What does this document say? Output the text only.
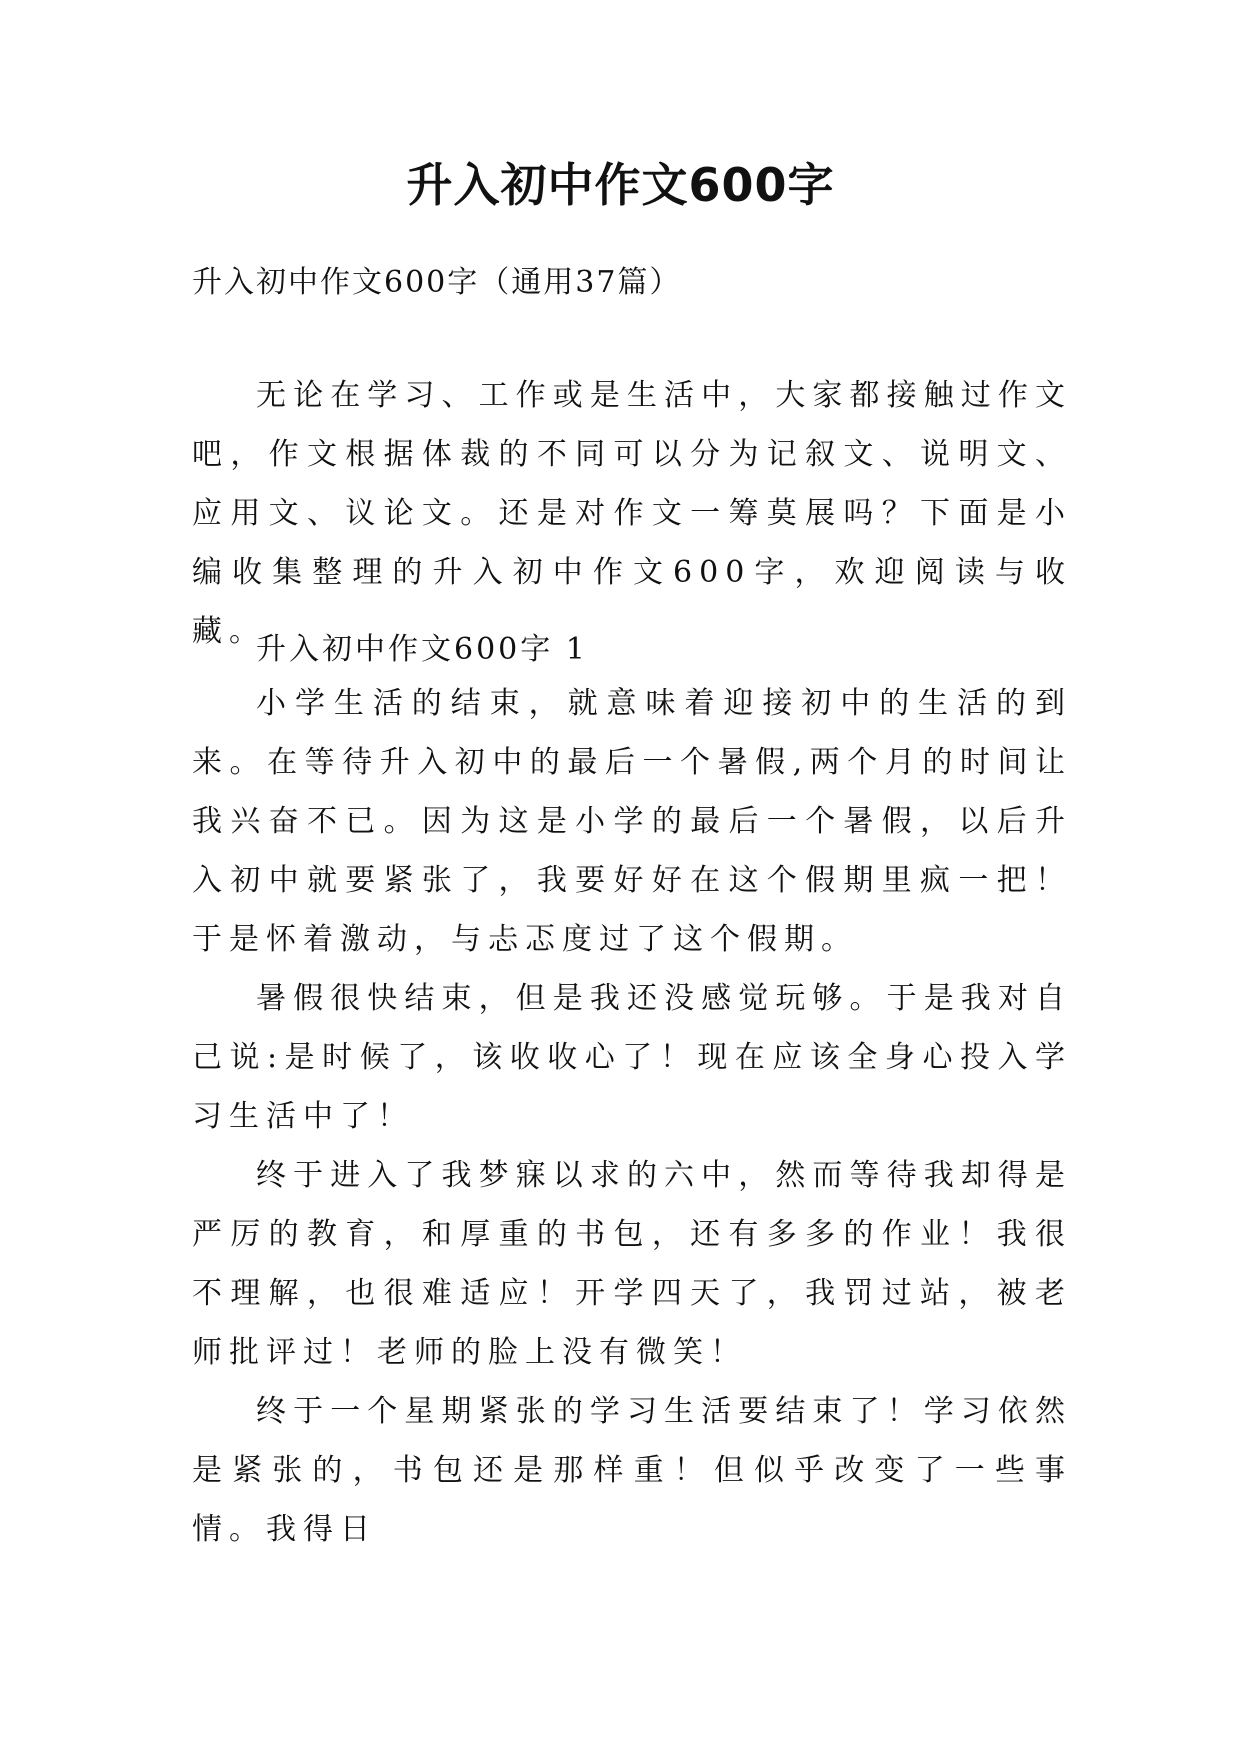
升入初中作文600字
升入初中作文600字（通用37篇）

无论在学习、工作或是生活中，大家都接触过作文吧，作文根据体裁的不同可以分为记叙文、说明文、应用文、议论文。还是对作文一筹莫展吗？下面是小编收集整理的升入初中作文600字，欢迎阅读与收藏。

升入初中作文600字 1

小学生活的结束，就意味着迎接初中的生活的到来。在等待升入初中的最后一个暑假,两个月的时间让我兴奋不已。因为这是小学的最后一个暑假，以后升入初中就要紧张了，我要好好在这个假期里疯一把！于是怀着激动，与忐忑度过了这个假期。

暑假很快结束，但是我还没感觉玩够。于是我对自己说:是时候了，该收收心了！现在应该全身心投入学习生活中了！

终于进入了我梦寐以求的六中，然而等待我却得是严厉的教育，和厚重的书包，还有多多的作业！我很不理解，也很难适应！开学四天了，我罚过站，被老师批评过！老师的脸上没有微笑！

终于一个星期紧张的学习生活要结束了！学习依然是紧张的，书包还是那样重！但似乎改变了一些事情。我得日
